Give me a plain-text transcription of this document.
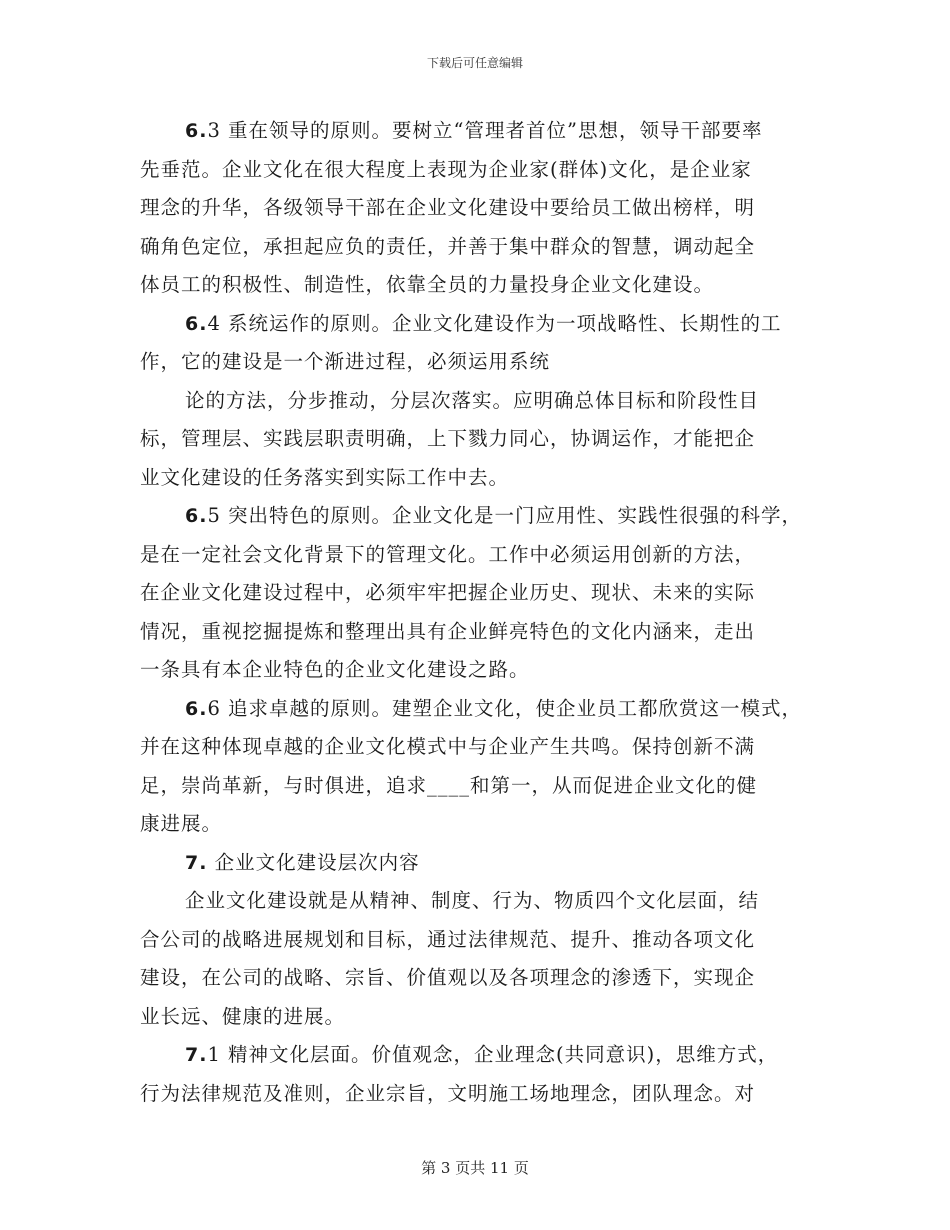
下载后可任意编辑
6.3 重在领导的原则。要树立“管理者首位”思想，领导干部要率
先垂范。企业文化在很大程度上表现为企业家(群体)文化，是企业家
理念的升华，各级领导干部在企业文化建设中要给员工做出榜样，明
确角色定位，承担起应负的责任，并善于集中群众的智慧，调动起全
体员工的积极性、制造性，依靠全员的力量投身企业文化建设。
6.4 系统运作的原则。企业文化建设作为一项战略性、长期性的工
作，它的建设是一个渐进过程，必须运用系统
论的方法，分步推动，分层次落实。应明确总体目标和阶段性目
标，管理层、实践层职责明确，上下戮力同心，协调运作，才能把企
业文化建设的任务落实到实际工作中去。
6.5 突出特色的原则。企业文化是一门应用性、实践性很强的科学，
是在一定社会文化背景下的管理文化。工作中必须运用创新的方法，
在企业文化建设过程中，必须牢牢把握企业历史、现状、未来的实际
情况，重视挖掘提炼和整理出具有企业鲜亮特色的文化内涵来，走出
一条具有本企业特色的企业文化建设之路。
6.6 追求卓越的原则。建塑企业文化，使企业员工都欣赏这一模式，
并在这种体现卓越的企业文化模式中与企业产生共鸣。保持创新不满
足，崇尚革新，与时俱进，追求____和第一，从而促进企业文化的健
康进展。
7. 企业文化建设层次内容
企业文化建设就是从精神、制度、行为、物质四个文化层面，结
合公司的战略进展规划和目标，通过法律规范、提升、推动各项文化
建设，在公司的战略、宗旨、价值观以及各项理念的渗透下，实现企
业长远、健康的进展。
7.1 精神文化层面。价值观念，企业理念(共同意识)，思维方式，
行为法律规范及准则，企业宗旨，文明施工场地理念，团队理念。对
第 3 页共 11 页
